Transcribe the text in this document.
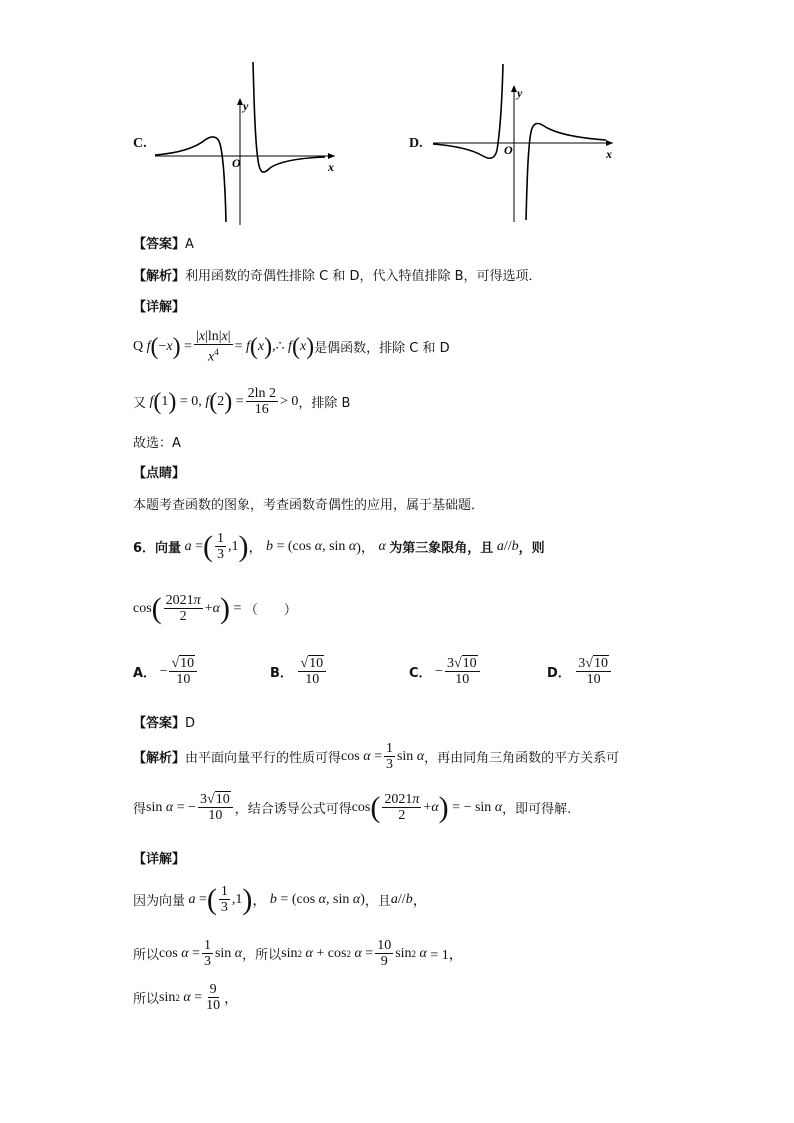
C.
y
x
O
D.
y
x
O
【答案】A
【解析】利用函数的奇偶性排除 C 和 D，代入特值排除 B，可得选项．
【详解】
Q f ( − x ) = $\frac{|x|\ln|x|}{x^4} = f$ ( x ) ,∴ f ( x ) 是偶函数，排除 C 和 D
又 f ( 1 ) = 0, f ( 2 ) = $\frac{2\ln 2}{16} > 0$ ，排除 B
故选：A
【点睛】
本题考查函数的图象，考查函数奇偶性的应用，属于基础题．
6． 向量 a = ( $\frac{1}{3} ,1$ ) ， b = (cos α , sin α )， α 为第三象限角，且 a // b ，则
cos ( $\frac{2021\pi}{2} + \alpha$ ) = （　　）
A．
− $\frac{√10}{10}$	B．
$\frac{√10}{10}$	C．
− $\frac{3√10}{10}$	D．
$\frac{3√10}{10}$
【答案】D
【解析】 由平面向量平行的性质可得 $\cos \alpha = \frac{1}{3}$ sin α ，再由同角三角函数的平方关系可
得 sin α = − $\frac{3√10}{10}$ ，结合诱导公式可得 cos ( $\frac{2021\pi}{2} + \alpha$ ) = − sin α ，即可得解.
【详解】
因为向量 a = ( $\frac{1}{3} ,1$ ) ， b = (cos α , sin α ) ，且 a // b ，
所以 $\cos \alpha = \frac{1}{3}$ sin α ，所以 sin 2 α + cos 2 $\alpha = \frac{10}{9}$ sin 2 α = 1，
所以 sin 2 $\alpha = \frac{9}{10}$ ，
